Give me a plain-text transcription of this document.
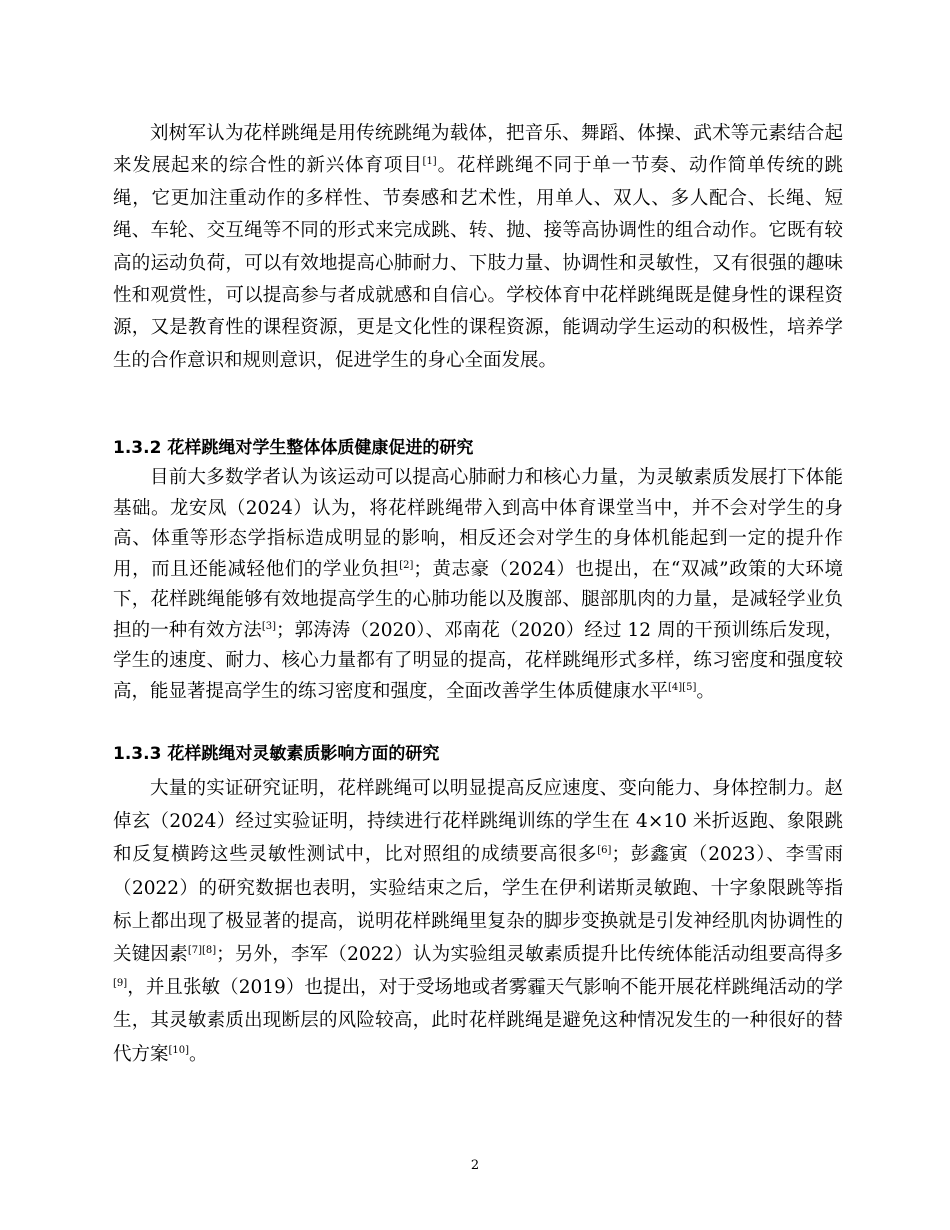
刘树军认为花样跳绳是用传统跳绳为载体，把音乐、舞蹈、体操、武术等元素结合起来发展起来的综合性的新兴体育项目[1]。花样跳绳不同于单一节奏、动作简单传统的跳绳，它更加注重动作的多样性、节奏感和艺术性，用单人、双人、多人配合、长绳、短绳、车轮、交互绳等不同的形式来完成跳、转、抛、接等高协调性的组合动作。它既有较高的运动负荷，可以有效地提高心肺耐力、下肢力量、协调性和灵敏性，又有很强的趣味性和观赏性，可以提高参与者成就感和自信心。学校体育中花样跳绳既是健身性的课程资源，又是教育性的课程资源，更是文化性的课程资源，能调动学生运动的积极性，培养学生的合作意识和规则意识，促进学生的身心全面发展。

1.3.2 花样跳绳对学生整体体质健康促进的研究

目前大多数学者认为该运动可以提高心肺耐力和核心力量，为灵敏素质发展打下体能基础。龙安凤（2024）认为，将花样跳绳带入到高中体育课堂当中，并不会对学生的身高、体重等形态学指标造成明显的影响，相反还会对学生的身体机能起到一定的提升作用，而且还能减轻他们的学业负担[2]；黄志豪（2024）也提出，在“双减”政策的大环境下，花样跳绳能够有效地提高学生的心肺功能以及腹部、腿部肌肉的力量，是减轻学业负担的一种有效方法[3]；郭涛涛（2020）、邓南花（2020）经过 12 周的干预训练后发现，学生的速度、耐力、核心力量都有了明显的提高，花样跳绳形式多样，练习密度和强度较高，能显著提高学生的练习密度和强度，全面改善学生体质健康水平[4][5]。

1.3.3 花样跳绳对灵敏素质影响方面的研究

大量的实证研究证明，花样跳绳可以明显提高反应速度、变向能力、身体控制力。赵倬玄（2024）经过实验证明，持续进行花样跳绳训练的学生在 4×10 米折返跑、象限跳和反复横跨这些灵敏性测试中，比对照组的成绩要高很多[6]；彭鑫寅（2023）、李雪雨（2022）的研究数据也表明，实验结束之后，学生在伊利诺斯灵敏跑、十字象限跳等指标上都出现了极显著的提高，说明花样跳绳里复杂的脚步变换就是引发神经肌肉协调性的关键因素[7][8]；另外，李军（2022）认为实验组灵敏素质提升比传统体能活动组要高得多[9]，并且张敏（2019）也提出，对于受场地或者雾霾天气影响不能开展花样跳绳活动的学生，其灵敏素质出现断层的风险较高，此时花样跳绳是避免这种情况发生的一种很好的替代方案[10]。

2
